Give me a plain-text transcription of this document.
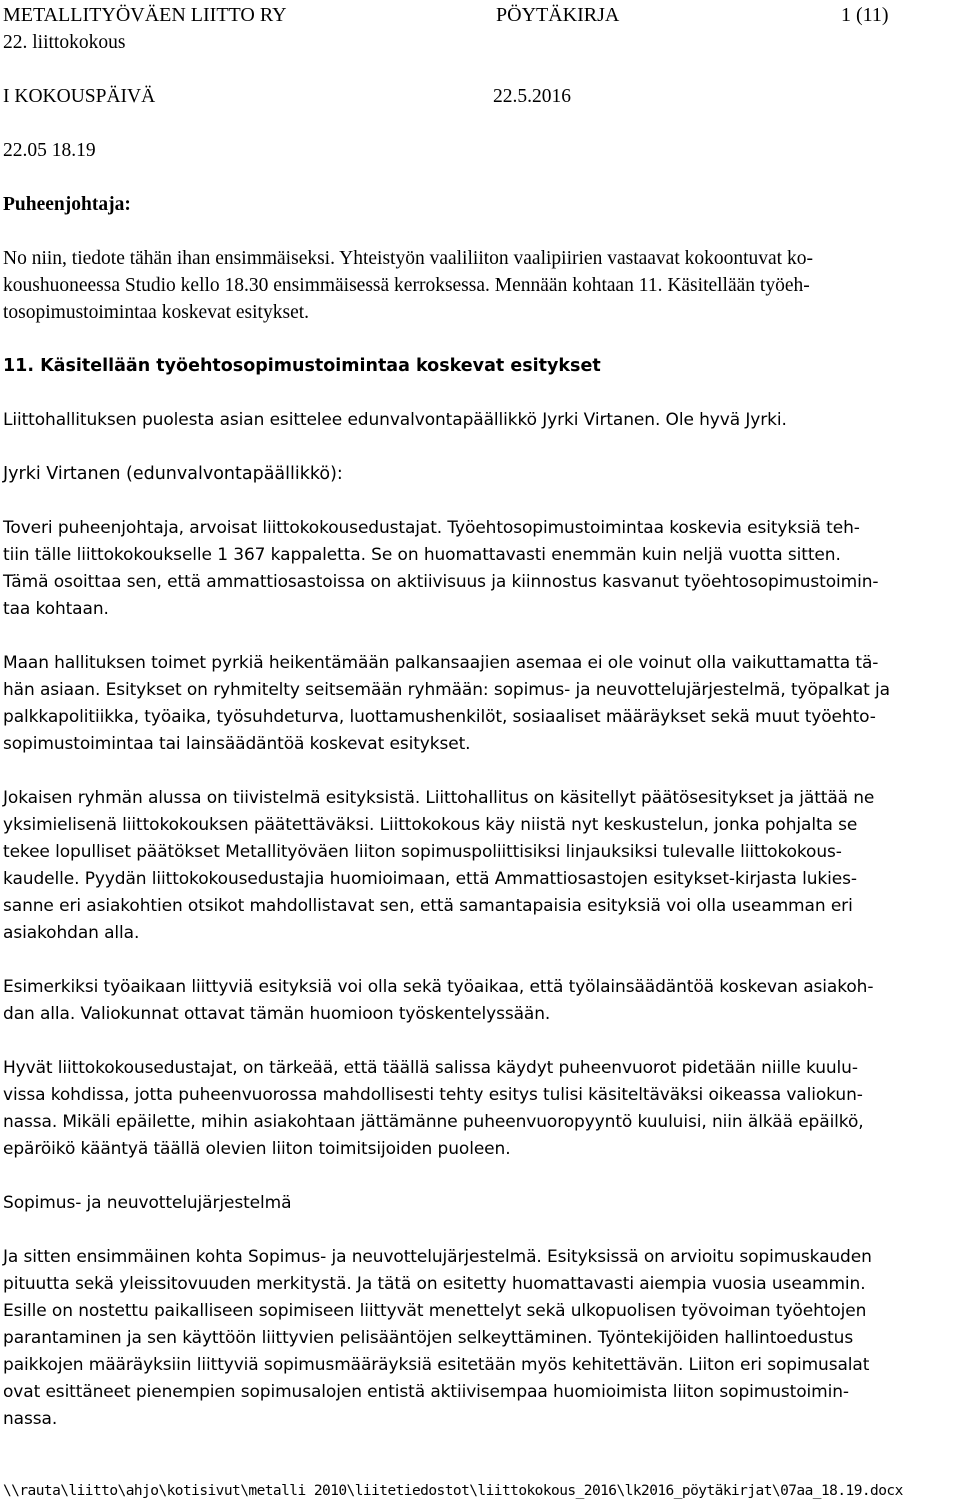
METALLITYÖVÄEN LIITTO RY	PÖYTÄKIRJA	1 (11)
22. liittokokous
I KOKOUSPÄIVÄ	22.5.2016
22.05 18.19
Puheenjohtaja:

No niin, tiedote tähän ihan ensimmäiseksi. Yhteistyön vaaliliiton vaalipiirien vastaavat kokoontuvat ko-
koushuoneessa Studio kello 18.30 ensimmäisessä kerroksessa. Mennään kohtaan 11. Käsitellään työeh-
tosopimustoimintaa koskevat esitykset.

11. Käsitellään työehtosopimustoimintaa koskevat esitykset
Liittohallituksen puolesta asian esittelee edunvalvontapäällikkö Jyrki Virtanen. Ole hyvä Jyrki.
Jyrki Virtanen (edunvalvontapäällikkö):

Toveri puheenjohtaja, arvoisat liittokokousedustajat. Työehtosopimustoimintaa koskevia esityksiä teh-
tiin tälle liittokokoukselle 1 367 kappaletta. Se on huomattavasti enemmän kuin neljä vuotta sitten.
Tämä osoittaa sen, että ammattiosastoissa on aktiivisuus ja kiinnostus kasvanut työehtosopimustoimin-
taa kohtaan.

Maan hallituksen toimet pyrkiä heikentämään palkansaajien asemaa ei ole voinut olla vaikuttamatta tä-
hän asiaan. Esitykset on ryhmitelty seitsemään ryhmään: sopimus- ja neuvottelujärjestelmä, työpalkat ja
palkkapolitiikka, työaika, työsuhdeturva, luottamushenkilöt, sosiaaliset määräykset sekä muut työehto-
sopimustoimintaa tai lainsäädäntöä koskevat esitykset.

Jokaisen ryhmän alussa on tiivistelmä esityksistä. Liittohallitus on käsitellyt päätösesitykset ja jättää ne
yksimielisenä liittokokouksen päätettäväksi. Liittokokous käy niistä nyt keskustelun, jonka pohjalta se
tekee lopulliset päätökset Metallityöväen liiton sopimuspoliittisiksi linjauksiksi tulevalle liittokokous-
kaudelle. Pyydän liittokokousedustajia huomioimaan, että Ammattiosastojen esitykset-kirjasta lukies-
sanne eri asiakohtien otsikot mahdollistavat sen, että samantapaisia esityksiä voi olla useamman eri
asiakohdan alla.

Esimerkiksi työaikaan liittyviä esityksiä voi olla sekä työaikaa, että työlainsäädäntöä koskevan asiakoh-
dan alla. Valiokunnat ottavat tämän huomioon työskentelyssään.

Hyvät liittokokousedustajat, on tärkeää, että täällä salissa käydyt puheenvuorot pidetään niille kuulu-
vissa kohdissa, jotta puheenvuorossa mahdollisesti tehty esitys tulisi käsiteltäväksi oikeassa valiokun-
nassa. Mikäli epäilette, mihin asiakohtaan jättämänne puheenvuoropyyntö kuuluisi, niin älkää epäilkö,
epäröikö kääntyä täällä olevien liiton toimitsijoiden puoleen.

Sopimus- ja neuvottelujärjestelmä

Ja sitten ensimmäinen kohta Sopimus- ja neuvottelujärjestelmä. Esityksissä on arvioitu sopimuskauden
pituutta sekä yleissitovuuden merkitystä. Ja tätä on esitetty huomattavasti aiempia vuosia useammin.
Esille on nostettu paikalliseen sopimiseen liittyvät menettelyt sekä ulkopuolisen työvoiman työehtojen
parantaminen ja sen käyttöön liittyvien pelisääntöjen selkeyttäminen. Työntekijöiden hallintoedustus
paikkojen määräyksiin liittyviä sopimusmääräyksiä esitetään myös kehitettävän. Liiton eri sopimusalat
ovat esittäneet pienempien sopimusalojen entistä aktiivisempaa huomioimista liiton sopimustoimin-
nassa.

\\rauta\liitto\ahjo\kotisivut\metalli 2010\liitetiedostot\liittokokous_2016\lk2016_pöytäkirjat\07aa_18.19.docx
